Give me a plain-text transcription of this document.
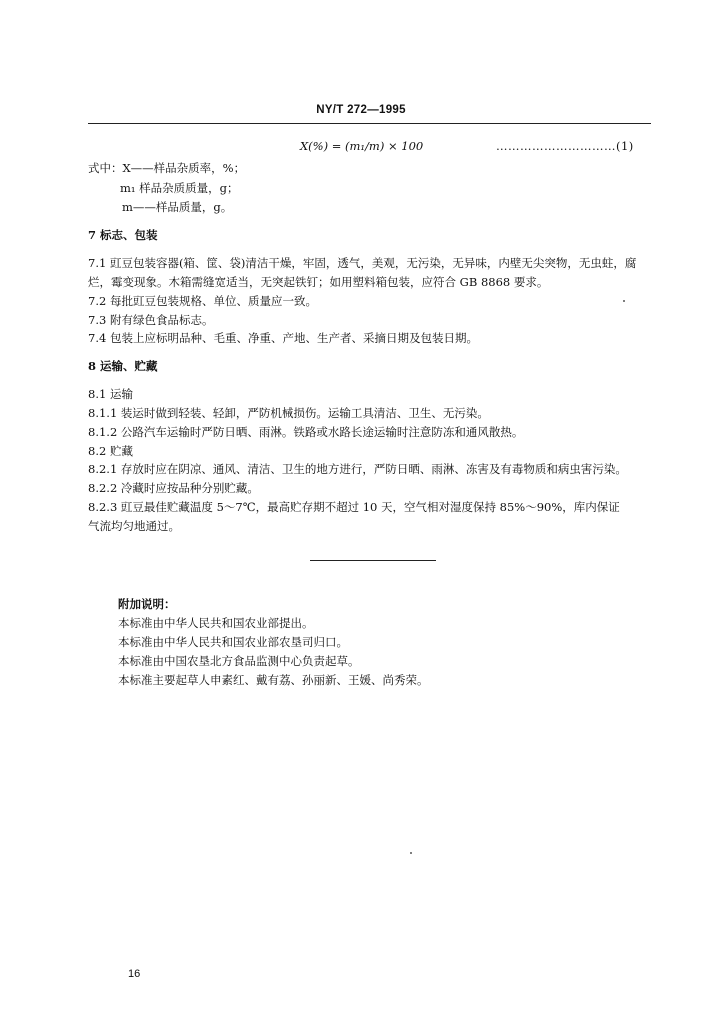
NY/T 272—1995
X(%) = (m₁/m) × 100	…………………………(1)
式中：X——样品杂质率，%；
m₁ 样品杂质质量，g；
m——样品质量，g。
7 标志、包装
7.1 豇豆包装容器(箱、筐、袋)清洁干燥，牢固，透气，美观，无污染，无异味，内壁无尖突物，无虫蛀，腐
烂，霉变现象。木箱需缝宽适当，无突起铁钉；如用塑料箱包装，应符合 GB 8868 要求。
7.2 每批豇豆包装规格、单位、质量应一致。
7.3 附有绿色食品标志。
7.4 包装上应标明品种、毛重、净重、产地、生产者、采摘日期及包装日期。
8 运输、贮藏
8.1 运输
8.1.1 装运时做到轻装、轻卸，严防机械损伤。运输工具清洁、卫生、无污染。
8.1.2 公路汽车运输时严防日晒、雨淋。铁路或水路长途运输时注意防冻和通风散热。
8.2 贮藏
8.2.1 存放时应在阴凉、通风、清洁、卫生的地方进行，严防日晒、雨淋、冻害及有毒物质和病虫害污染。
8.2.2 冷藏时应按品种分别贮藏。
8.2.3 豇豆最佳贮藏温度 5～7℃，最高贮存期不超过 10 天，空气相对湿度保持 85%～90%，库内保证
气流均匀地通过。
附加说明：
本标准由中华人民共和国农业部提出。
本标准由中华人民共和国农业部农垦司归口。
本标准由中国农垦北方食品监测中心负责起草。
本标准主要起草人申素红、戴有荔、孙丽新、王媛、尚秀荣。
16
